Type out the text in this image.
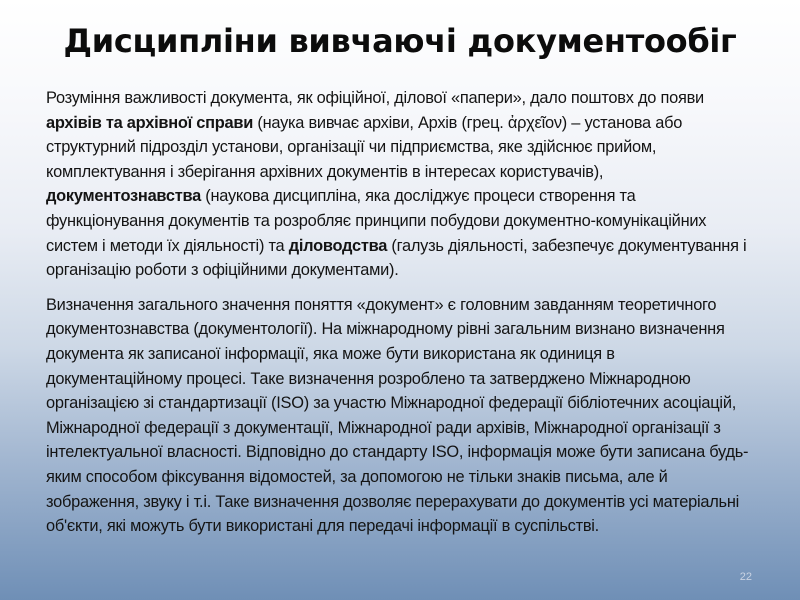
Дисципліни вивчаючі документообіг

Розуміння важливості документа, як офіційної, ділової «папери», дало поштовх до появи архівів та архівної справи (наука вивчає архіви, Архів (грец. ἀρχεῖον) – установа або структурний підрозділ установи, організації чи підприємства, яке здійснює прийом, комплектування і зберігання архівних документів в інтересах користувачів), документознавства (наукова дисципліна, яка досліджує процеси створення та функціонування документів та розробляє принципи побудови документно-комунікаційних систем і методи їх діяльності) та діловодства (галузь діяльності, забезпечує документування і організацію роботи з офіційними документами).

Визначення загального значення поняття «документ» є головним завданням теоретичного документознавства (документології). На міжнародному рівні загальним визнано визначення документа як записаної інформації, яка може бути використана як одиниця в документаційному процесі. Таке визначення розроблено та затверджено Міжнародною організацією зі стандартизації (ISO) за участю Міжнародної федерації бібліотечних асоціацій, Міжнародної федерації з документації, Міжнародної ради архівів, Міжнародної організації з інтелектуальної власності. Відповідно до стандарту ISO, інформація може бути записана будь-яким способом фіксування відомостей, за допомогою не тільки знаків письма, але й зображення, звуку і т.і. Таке визначення дозволяє перерахувати до документів усі матеріальні об'єкти, які можуть бути використані для передачі інформації в суспільстві.

22
